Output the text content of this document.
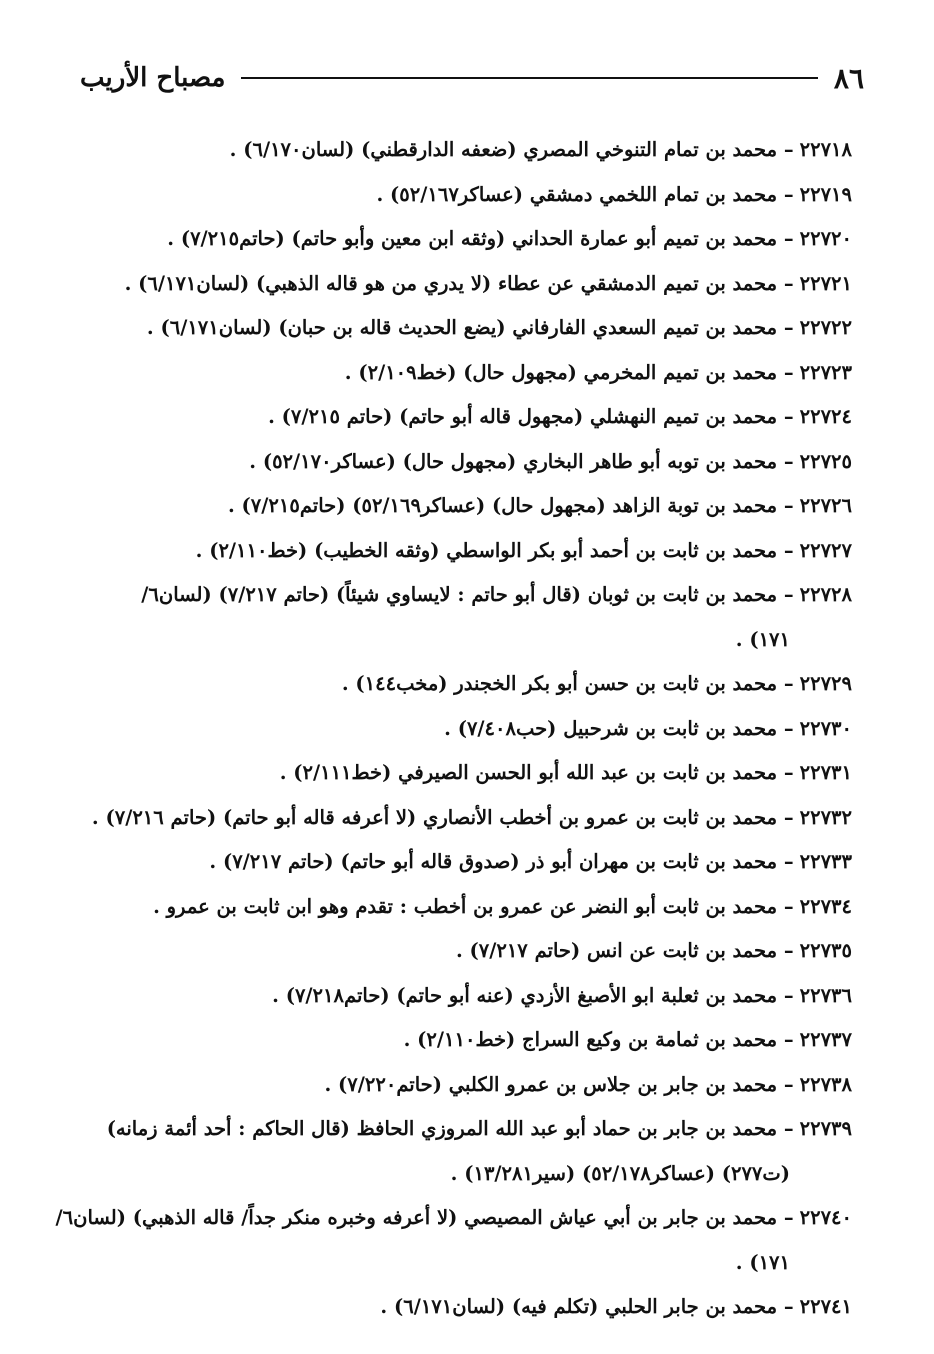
٨٦
مصباح الأريب
٢٢٧١٨– محمد بن تمام التنوخي المصري (ضعفه الدارقطني) (لسان٦/١٧٠) .
٢٢٧١٩– محمد بن تمام اللخمي دمشقي (عساكر٥٢/١٦٧) .
٢٢٧٢٠– محمد بن تميم أبو عمارة الحداني (وثقه ابن معين وأبو حاتم) (حاتم٧/٢١٥) .
٢٢٧٢١– محمد بن تميم الدمشقي عن عطاء (لا يدري من هو قاله الذهبي) (لسان٦/١٧١) .
٢٢٧٢٢– محمد بن تميم السعدي الفارفاني (يضع الحديث قاله بن حبان) (لسان٦/١٧١) .
٢٢٧٢٣– محمد بن تميم المخرمي (مجهول حال) (خط٢/١٠٩) .
٢٢٧٢٤– محمد بن تميم النهشلي (مجهول قاله أبو حاتم) (حاتم ٧/٢١٥) .
٢٢٧٢٥– محمد بن توبه أبو طاهر البخاري (مجهول حال) (عساكر٥٢/١٧٠) .
٢٢٧٢٦– محمد بن توبة الزاهد (مجهول حال) (عساكر٥٢/١٦٩) (حاتم٧/٢١٥) .
٢٢٧٢٧– محمد بن ثابت بن أحمد أبو بكر الواسطي (وثقه الخطيب) (خط٢/١١٠) .
٢٢٧٢٨– محمد بن ثابت بن ثوبان (قال أبو حاتم : لايساوي شيئاً) (حاتم ٧/٢١٧) (لسان٦/
١٧١) .
٢٢٧٢٩– محمد بن ثابت بن حسن أبو بكر الخجندر (مخب١٤٤) .
٢٢٧٣٠– محمد بن ثابت بن شرحبيل (حب٧/٤٠٨) .
٢٢٧٣١– محمد بن ثابت بن عبد الله أبو الحسن الصيرفي (خط٢/١١١) .
٢٢٧٣٢– محمد بن ثابت بن عمرو بن أخطب الأنصاري (لا أعرفه قاله أبو حاتم) (حاتم ٧/٢١٦) .
٢٢٧٣٣– محمد بن ثابت بن مهران أبو ذر (صدوق قاله أبو حاتم) (حاتم ٧/٢١٧) .
٢٢٧٣٤– محمد بن ثابت أبو النضر عن عمرو بن أخطب : تقدم وهو ابن ثابت بن عمرو .
٢٢٧٣٥– محمد بن ثابت عن انس (حاتم ٧/٢١٧) .
٢٢٧٣٦– محمد بن ثعلبة ابو الأصبغ الأزدي (عنه أبو حاتم) (حاتم٧/٢١٨) .
٢٢٧٣٧– محمد بن ثمامة بن وكيع السراج (خط٢/١١٠) .
٢٢٧٣٨– محمد بن جابر بن جلاس بن عمرو الكلبي (حاتم٧/٢٢٠) .
٢٢٧٣٩– محمد بن جابر بن حماد أبو عبد الله المروزي الحافظ (قال الحاكم : أحد أئمة زمانه)
(ت٢٧٧) (عساكر٥٢/١٧٨) (سير١٣/٢٨١) .
٢٢٧٤٠– محمد بن جابر بن أبي عياش المصيصي (لا أعرفه وخبره منكر جداً/ قاله الذهبي) (لسان٦/
١٧١) .
٢٢٧٤١– محمد بن جابر الحلبي (تكلم فيه) (لسان٦/١٧١) .
